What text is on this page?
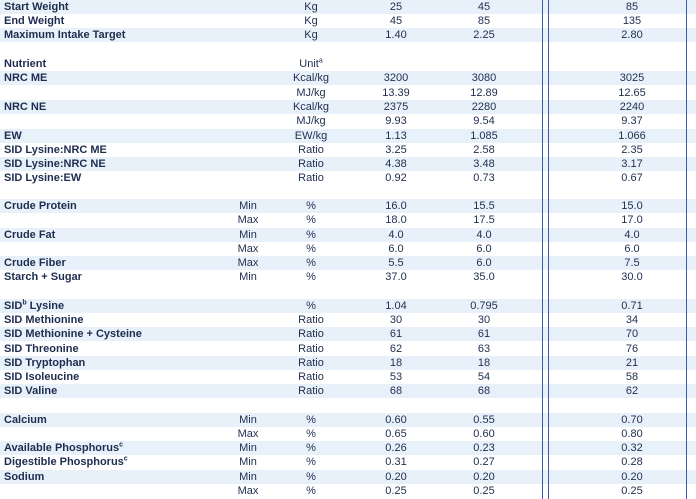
Start Weight	Kg	25	45	85
End Weight	Kg	45	85	135
Maximum Intake Target	Kg	1.40	2.25	2.80
Nutrient	Unit$^a$
NRC ME	Kcal/kg	3200	3080	3025
MJ/kg	13.39	12.89	12.65
NRC NE	Kcal/kg	2375	2280	2240
MJ/kg	9.93	9.54	9.37
EW	EW/kg	1.13	1.085	1.066
SID Lysine:NRC ME	Ratio	3.25	2.58	2.35
SID Lysine:NRC NE	Ratio	4.38	3.48	3.17
SID Lysine:EW	Ratio	0.92	0.73	0.67
Crude Protein	Min	%	16.0	15.5	15.0
Max	%	18.0	17.5	17.0
Crude Fat	Min	%	4.0	4.0	4.0
Max	%	6.0	6.0	6.0
Crude Fiber	Max	%	5.5	6.0	7.5
Starch + Sugar	Min	%	37.0	35.0	30.0
SID$^b$ Lysine	%	1.04	0.795	0.71
SID Methionine	Ratio	30	30	34
SID Methionine + Cysteine	Ratio	61	61	70
SID Threonine	Ratio	62	63	76
SID Tryptophan	Ratio	18	18	21
SID Isoleucine	Ratio	53	54	58
SID Valine	Ratio	68	68	62
Calcium	Min	%	0.60	0.55	0.70
Max	%	0.65	0.60	0.80
Available Phosphorus$^c$	Min	%	0.26	0.23	0.32
Digestible Phosphorus$^c$	Min	%	0.31	0.27	0.28
Sodium	Min	%	0.20	0.20	0.20
Max	%	0.25	0.25	0.25
